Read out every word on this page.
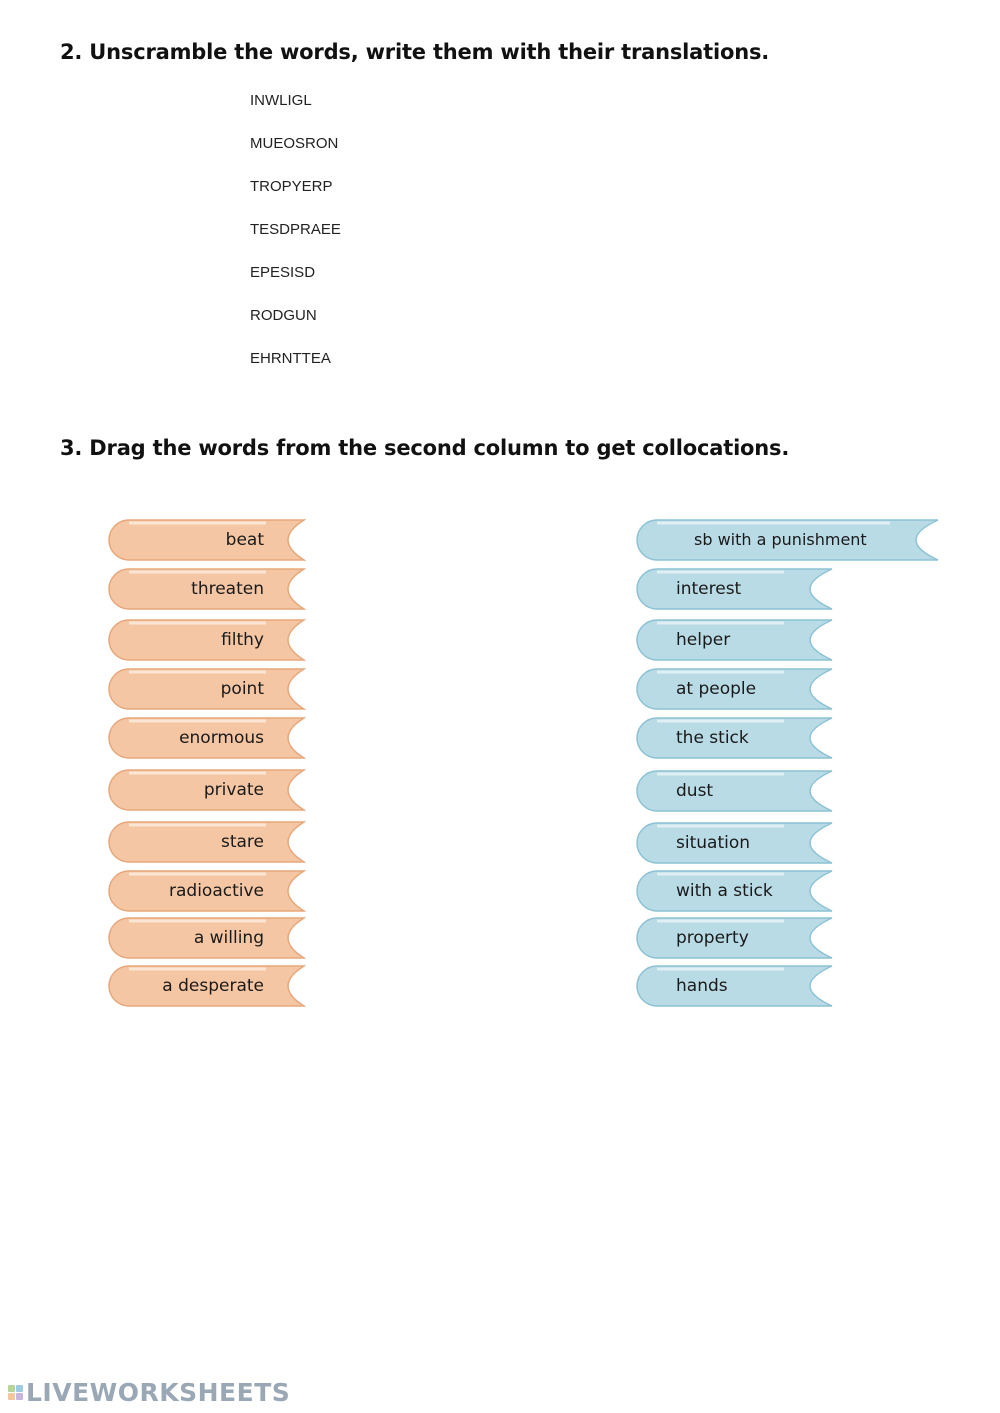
2. Unscramble the words, write them with their translations.
INWLIGL
MUEOSRON
TROPYERP
TESDPRAEE
EPESISD
RODGUN
EHRNTTEA
3. Drag the words from the second column to get collocations.
beat
threaten
filthy
point
enormous
private
stare
radioactive
a willing
a desperate
sb with a punishment
interest
helper
at people
the stick
dust
situation
with a stick
property
hands
LIVEWORKSHEETS
